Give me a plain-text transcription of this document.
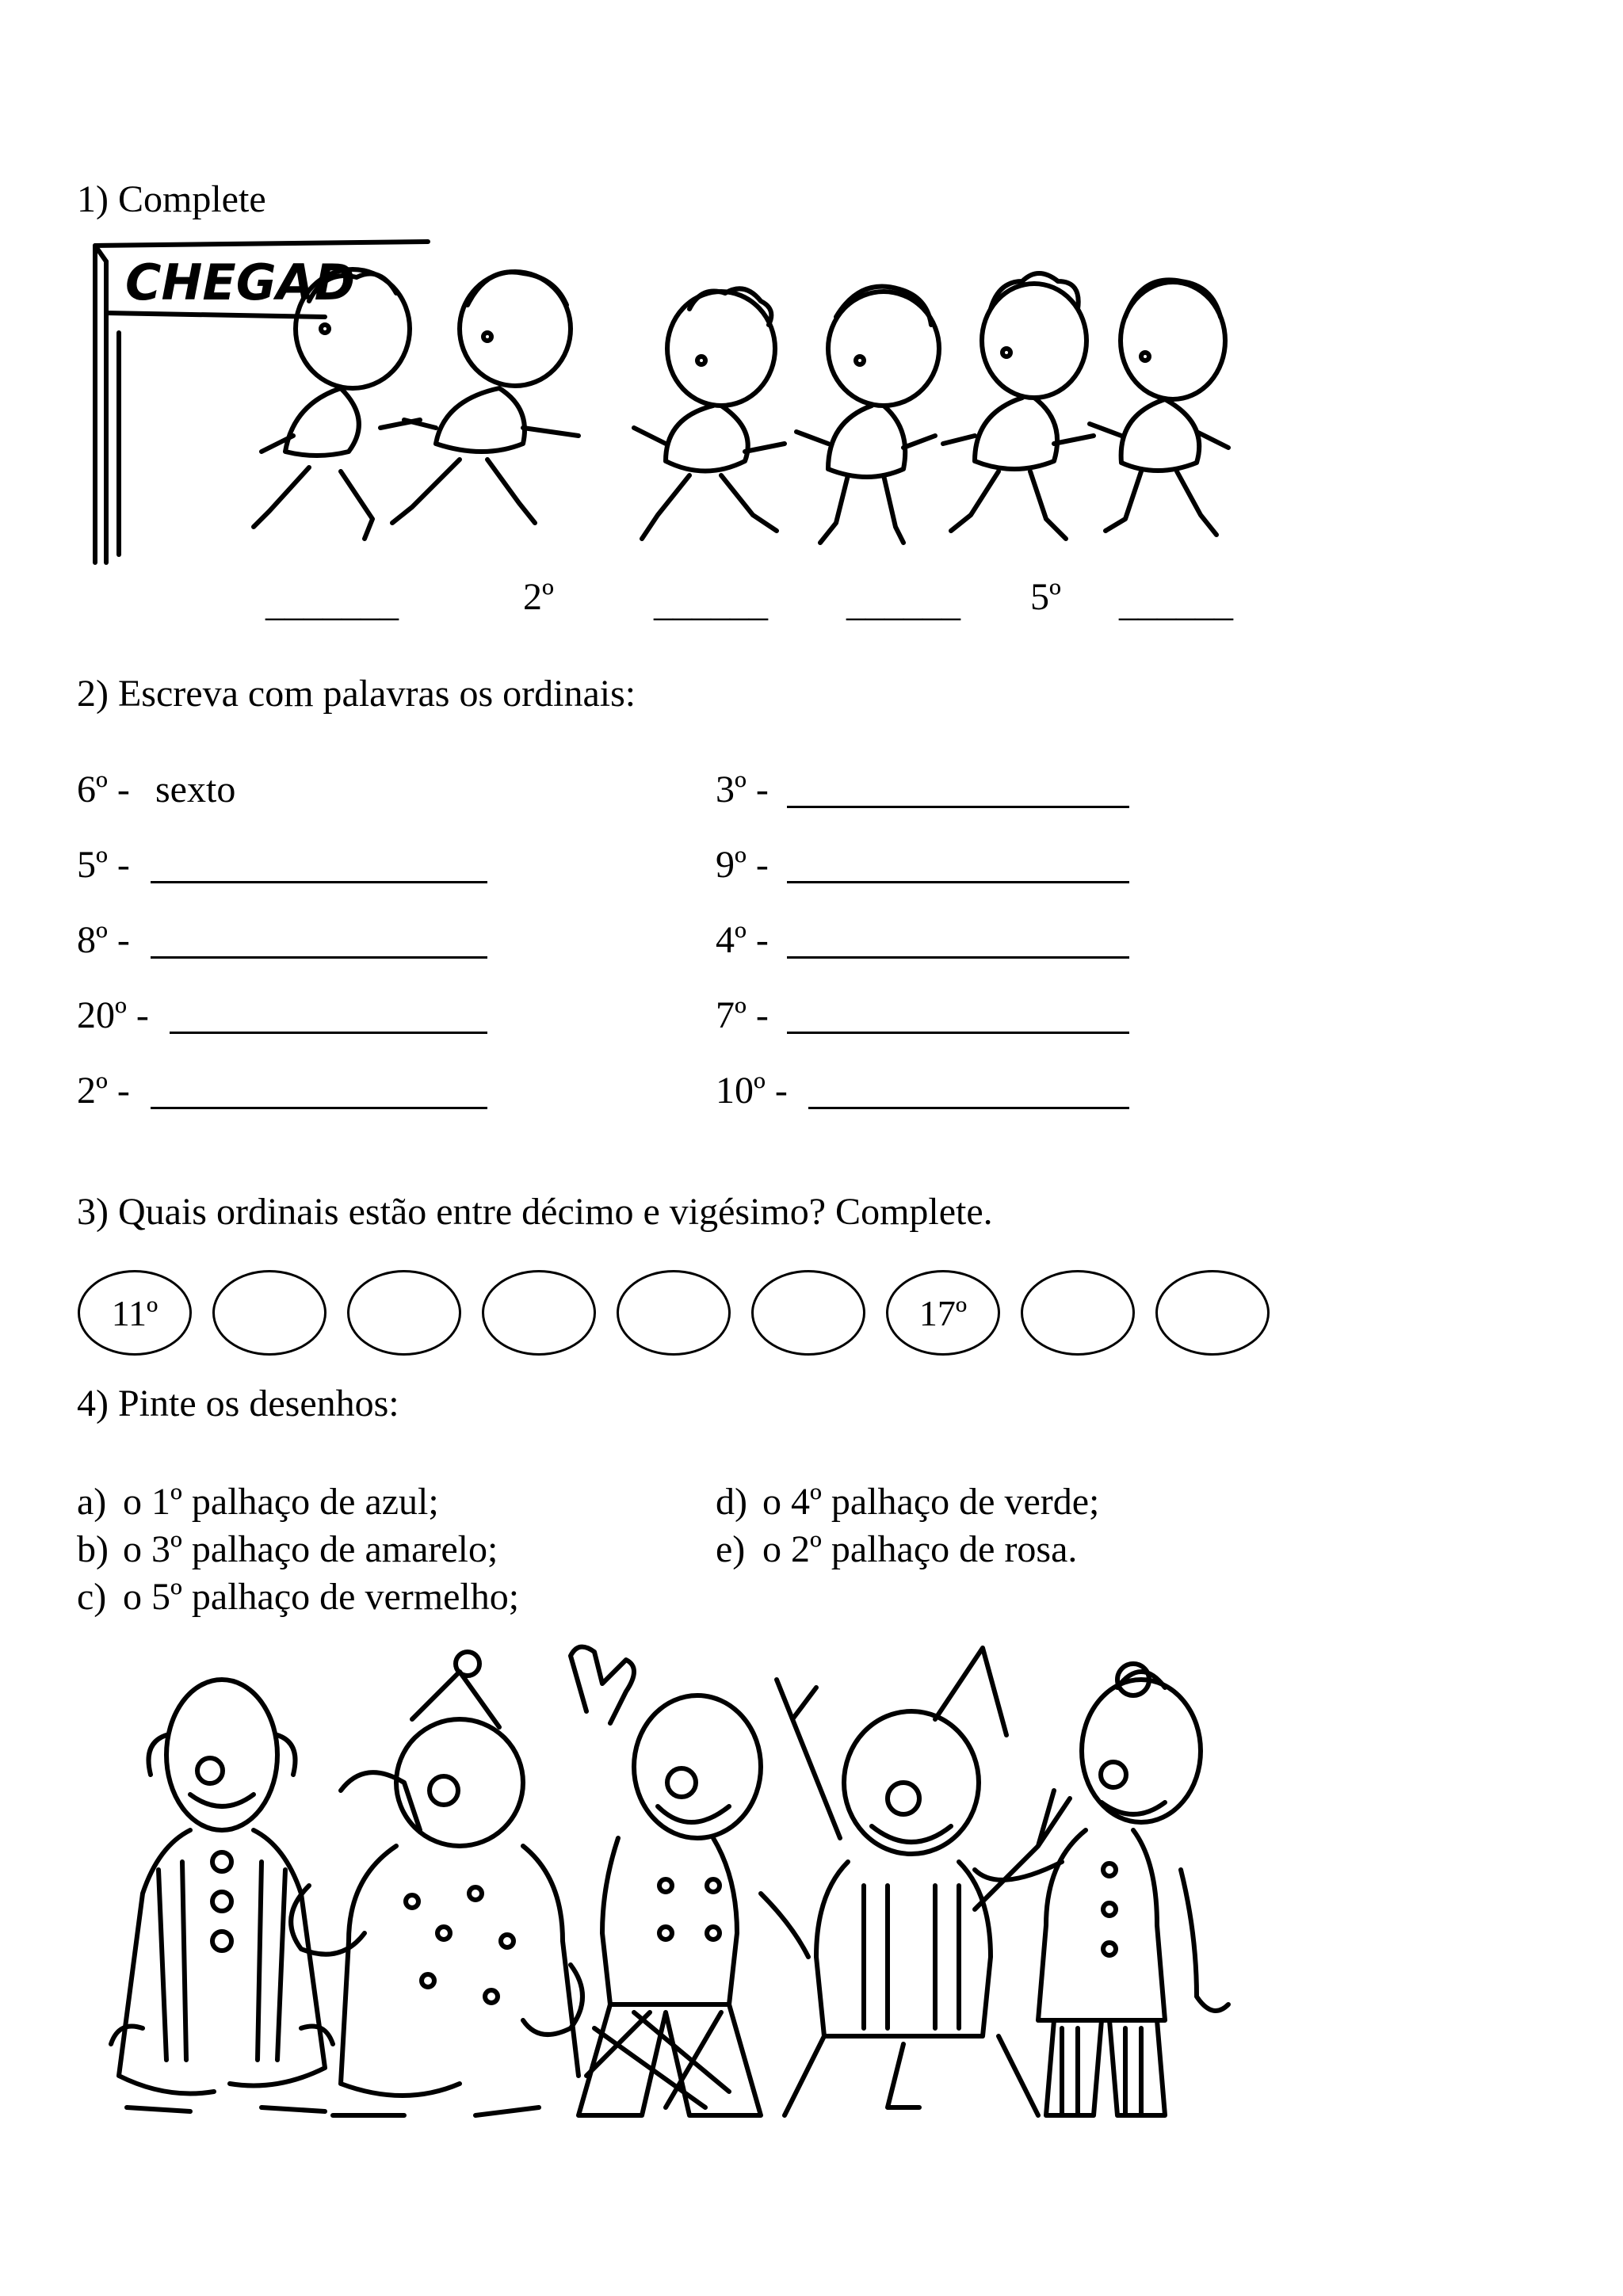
1) Complete
CHEGAD
_______	2º	______ ______ 5º ______
2) Escreva com palavras os ordinais:
6º - sexto
5º -
8º -
20º -
2º -
3º -
9º -
4º -
7º -
10º -
3) Quais ordinais estão entre décimo e vigésimo? Complete.
11º	17º
4) Pinte os desenhos:
a) o 1º palhaço de azul;
b) o 3º palhaço de amarelo;
c) o 5º palhaço de vermelho;
d) o 4º palhaço de verde;
e) o 2º palhaço de rosa.
